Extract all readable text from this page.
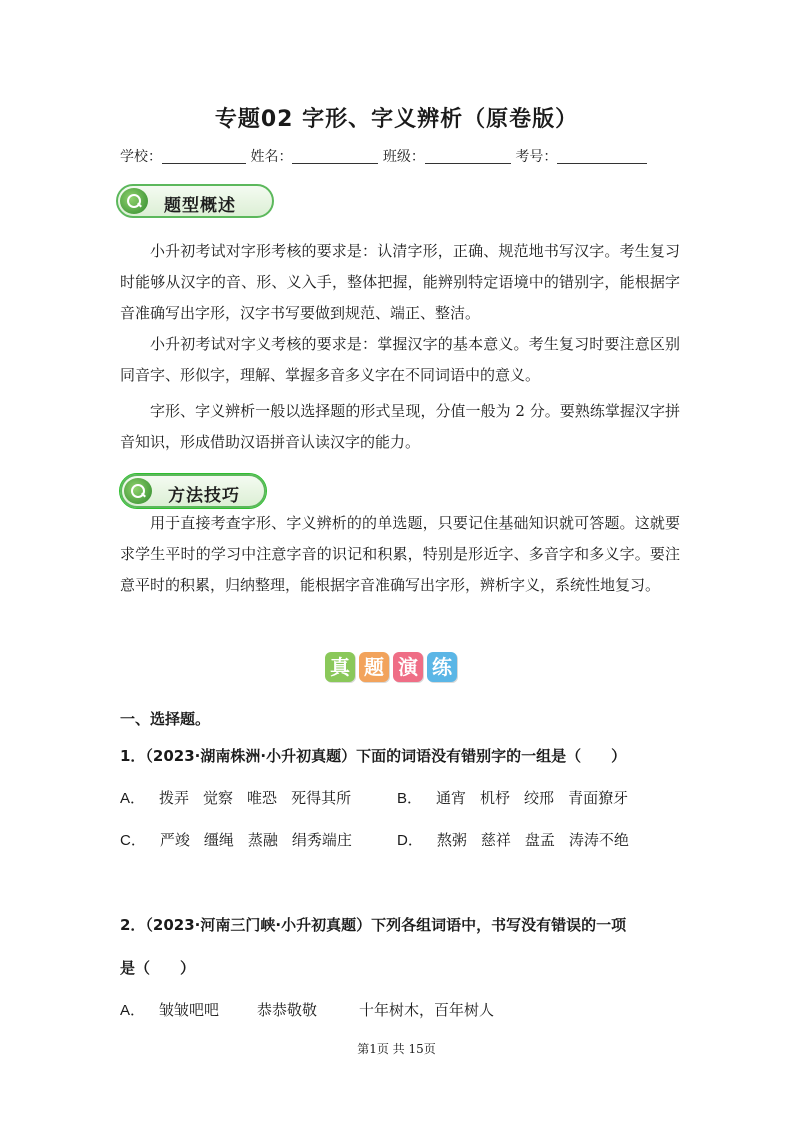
专题02 字形、字义辨析（原卷版）
学校：	姓名：	班级：	考号：
题型概述

小升初考试对字形考核的要求是：认清字形，正确、规范地书写汉字。考生复习时能够从汉字的音、形、义入手，整体把握，能辨别特定语境中的错别字，能根据字音准确写出字形，汉字书写要做到规范、端正、整洁。

小升初考试对字义考核的要求是：掌握汉字的基本意义。考生复习时要注意区别同音字、形似字，理解、掌握多音多义字在不同词语中的意义。

字形、字义辨析一般以选择题的形式呈现，分值一般为 2 分。要熟练掌握汉字拼音知识，形成借助汉语拼音认读汉字的能力。

方法技巧

用于直接考查字形、字义辨析的的单选题，只要记住基础知识就可答题。这就要求学生平时的学习中注意字音的识记和积累，特别是形近字、多音字和多义字。要注意平时的积累，归纳整理，能根据字音准确写出字形，辨析字义，系统性地复习。

真 题 演 练
一、选择题。
1．（2023·湖南株洲·小升初真题）下面的词语没有错别字的一组是（　　）
A． 拨弄 觉察 唯恐 死得其所	B． 通宵 机杼 绞邢 青面獠牙
C． 严竣 缰绳 蒸融 绢秀端庄	D． 熬粥 慈祥 盘孟 涛涛不绝
2．（2023·河南三门峡·小升初真题）下列各组词语中，书写没有错误的一项
是（　　）
A． 皱皱吧吧	恭恭敬敬	十年树木，百年树人
第1页 共 15页
